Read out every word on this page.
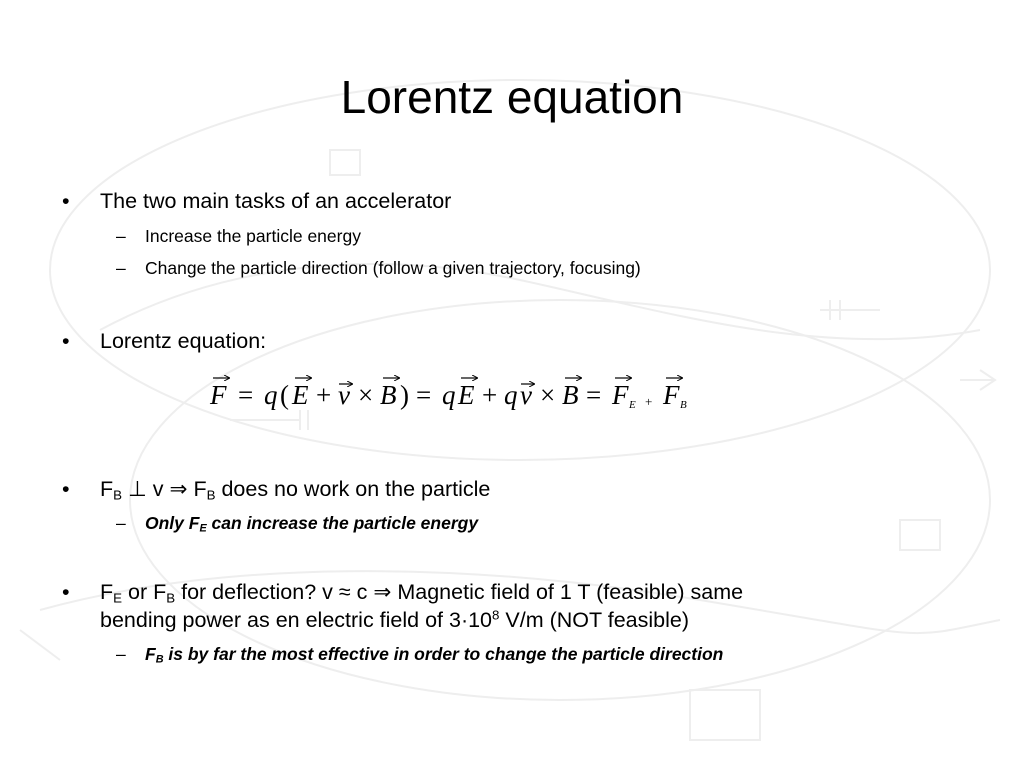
Lorentz equation
• The two main tasks of an accelerator
– Increase the particle energy
– Change the particle direction (follow a given trajectory, focusing)
• Lorentz equation:
F = q ( E + v × B ) = q E + q v × B = F E + F B
• $F_B$ ⊥ v ⇒ $F_B$ does no work on the particle
– Only $F_E$ can increase the particle energy
• $F_E$ or $F_B$ for deflection? v ≈ c ⇒ Magnetic field of 1 T (feasible) same
bending power as en electric field of $3\cdot 10^8$ V/m (NOT feasible)
– $F_B$ is by far the most effective in order to change the particle direction
